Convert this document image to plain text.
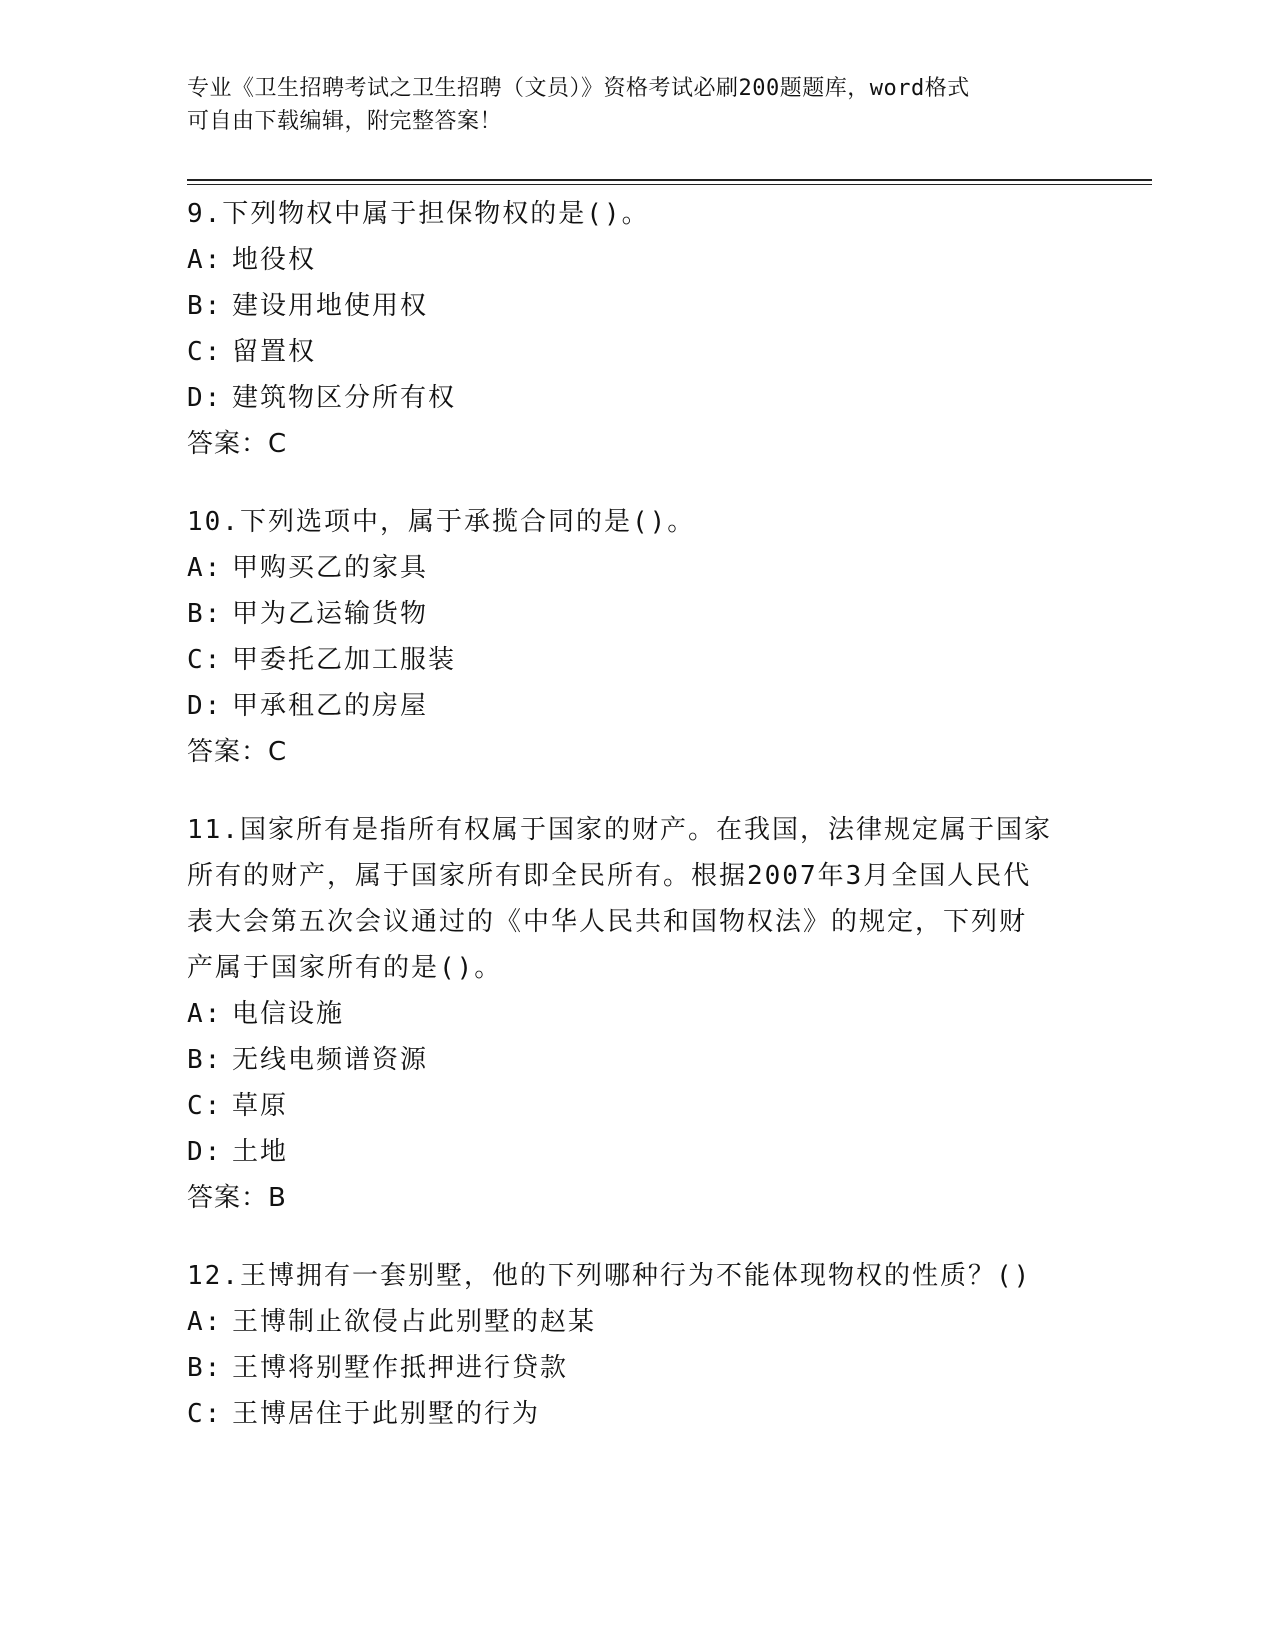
专业《卫生招聘考试之卫生招聘（文员）》资格考试必刷200题题库，word格式
可自由下载编辑，附完整答案！

9.下列物权中属于担保物权的是()。

A: 地役权

B: 建设用地使用权

C: 留置权

D: 建筑物区分所有权

答案：C

10.下列选项中，属于承揽合同的是()。

A: 甲购买乙的家具

B: 甲为乙运输货物

C: 甲委托乙加工服装

D: 甲承租乙的房屋

答案：C

11.国家所有是指所有权属于国家的财产。在我国，法律规定属于国家

所有的财产，属于国家所有即全民所有。根据2007年3月全国人民代

表大会第五次会议通过的《中华人民共和国物权法》的规定，下列财

产属于国家所有的是()。

A: 电信设施

B: 无线电频谱资源

C: 草原

D: 土地

答案：B

12.王博拥有一套别墅，他的下列哪种行为不能体现物权的性质？()

A: 王博制止欲侵占此别墅的赵某

B: 王博将别墅作抵押进行贷款

C: 王博居住于此别墅的行为
